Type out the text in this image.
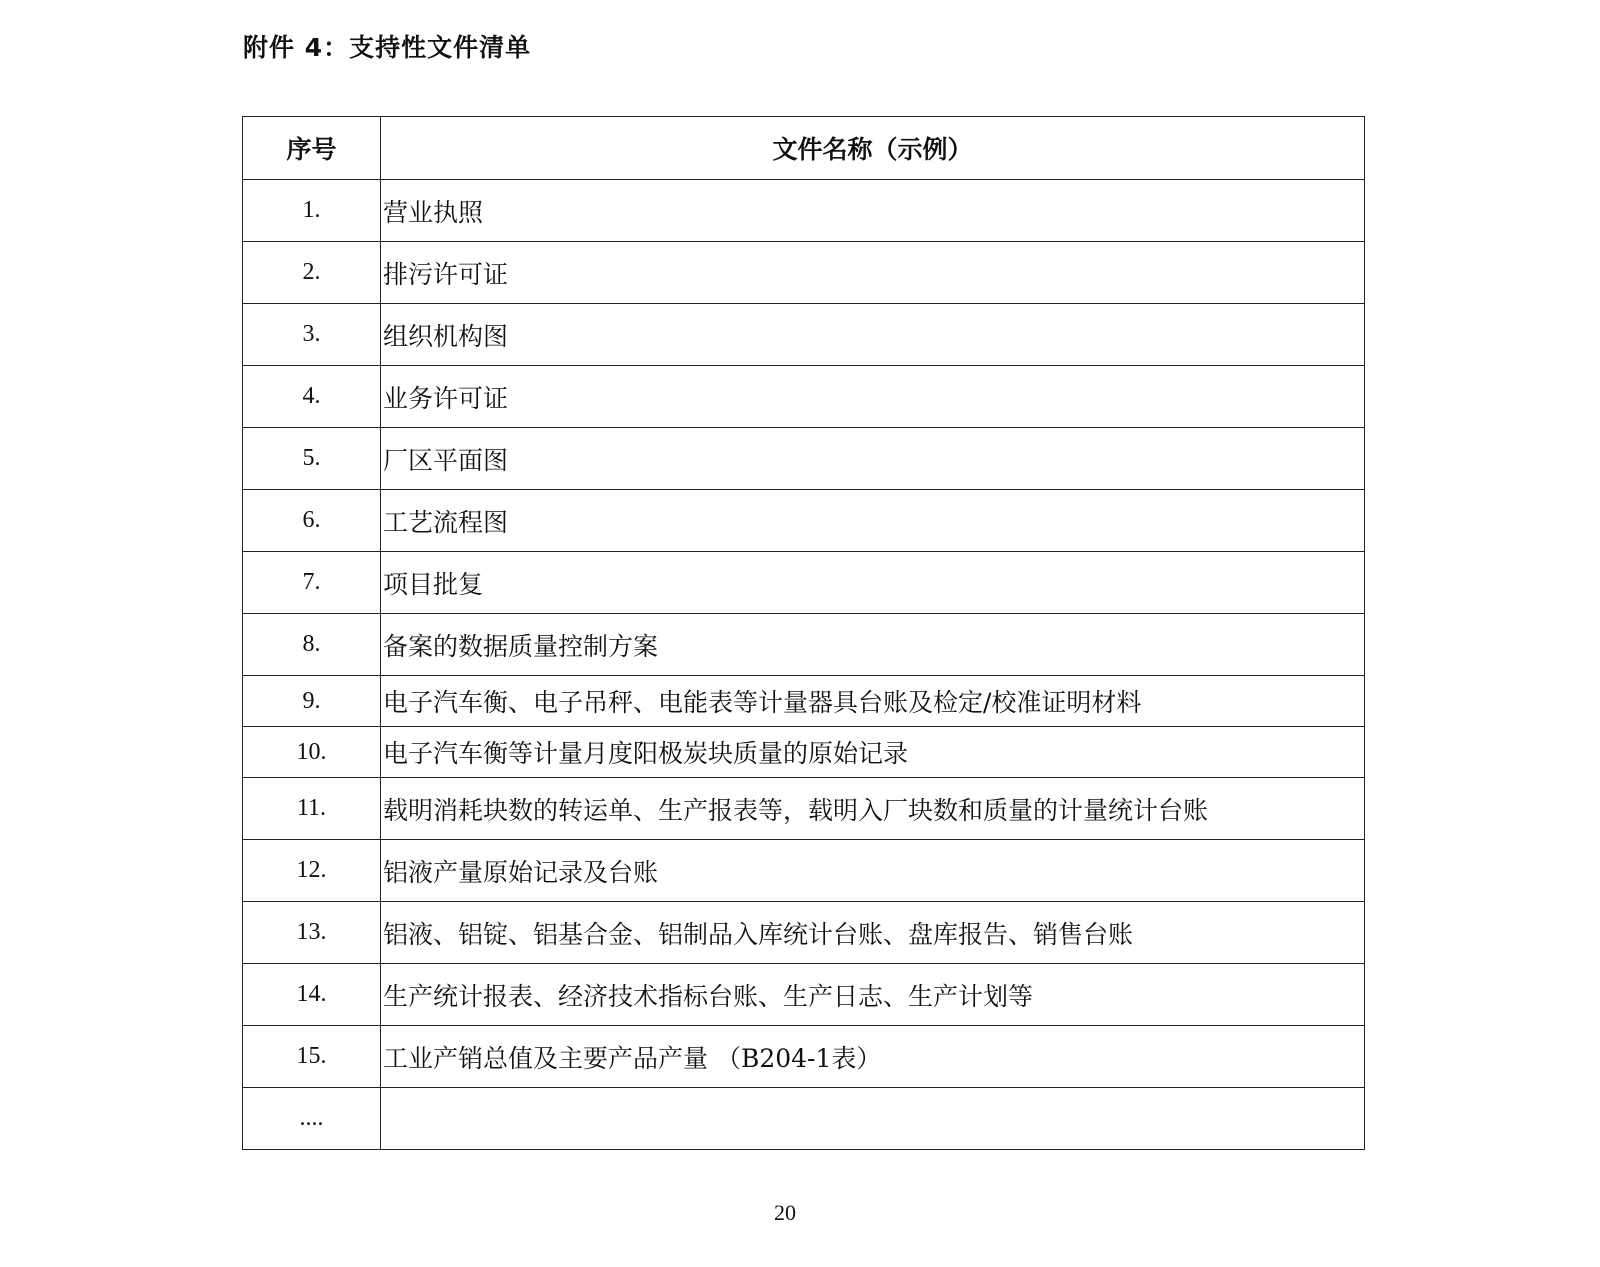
附件 4：支持性文件清单
序号	文件名称（示例）
1.	营业执照
2.	排污许可证
3.	组织机构图
4.	业务许可证
5.	厂区平面图
6.	工艺流程图
7.	项目批复
8.	备案的数据质量控制方案
9.	电子汽车衡、电子吊秤、电能表等计量器具台账及检定/校准证明材料
10.	电子汽车衡等计量月度阳极炭块质量的原始记录
11.	载明消耗块数的转运单、生产报表等，载明入厂块数和质量的计量统计台账
12.	铝液产量原始记录及台账
13.	铝液、铝锭、铝基合金、铝制品入库统计台账、盘库报告、销售台账
14.	生产统计报表、经济技术指标台账、生产日志、生产计划等
15.	工业产销总值及主要产品产量 （B204-1表）
....	
20
